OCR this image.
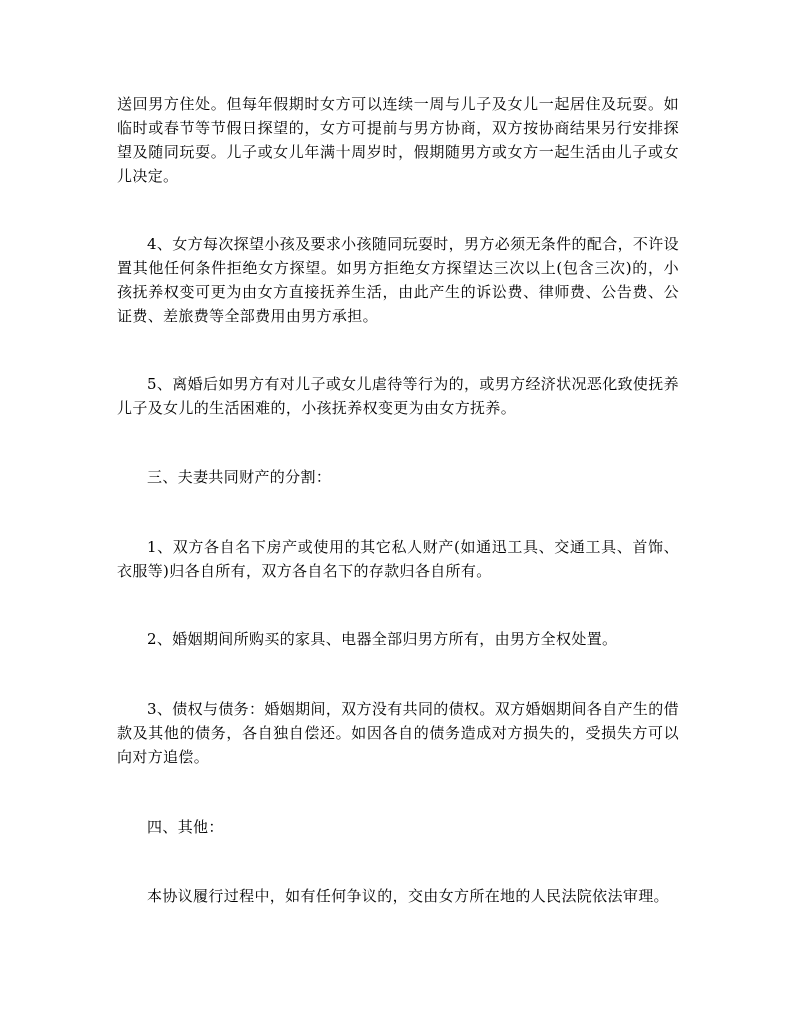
送回男方住处。但每年假期时女方可以连续一周与儿子及女儿一起居住及玩耍。如临时或春节等节假日探望的，女方可提前与男方协商，双方按协商结果另行安排探望及随同玩耍。儿子或女儿年满十周岁时，假期随男方或女方一起生活由儿子或女儿决定。

4、女方每次探望小孩及要求小孩随同玩耍时，男方必须无条件的配合，不许设置其他任何条件拒绝女方探望。如男方拒绝女方探望达三次以上(包含三次)的，小孩抚养权变可更为由女方直接抚养生活，由此产生的诉讼费、律师费、公告费、公证费、差旅费等全部费用由男方承担。

5、离婚后如男方有对儿子或女儿虐待等行为的，或男方经济状况恶化致使抚养儿子及女儿的生活困难的，小孩抚养权变更为由女方抚养。

三、夫妻共同财产的分割：

1、双方各自名下房产或使用的其它私人财产(如通迅工具、交通工具、首饰、衣服等)归各自所有，双方各自名下的存款归各自所有。

2、婚姻期间所购买的家具、电器全部归男方所有，由男方全权处置。

3、债权与债务：婚姻期间，双方没有共同的债权。双方婚姻期间各自产生的借款及其他的债务，各自独自偿还。如因各自的债务造成对方损失的，受损失方可以向对方追偿。

四、其他：

本协议履行过程中，如有任何争议的，交由女方所在地的人民法院依法审理。
